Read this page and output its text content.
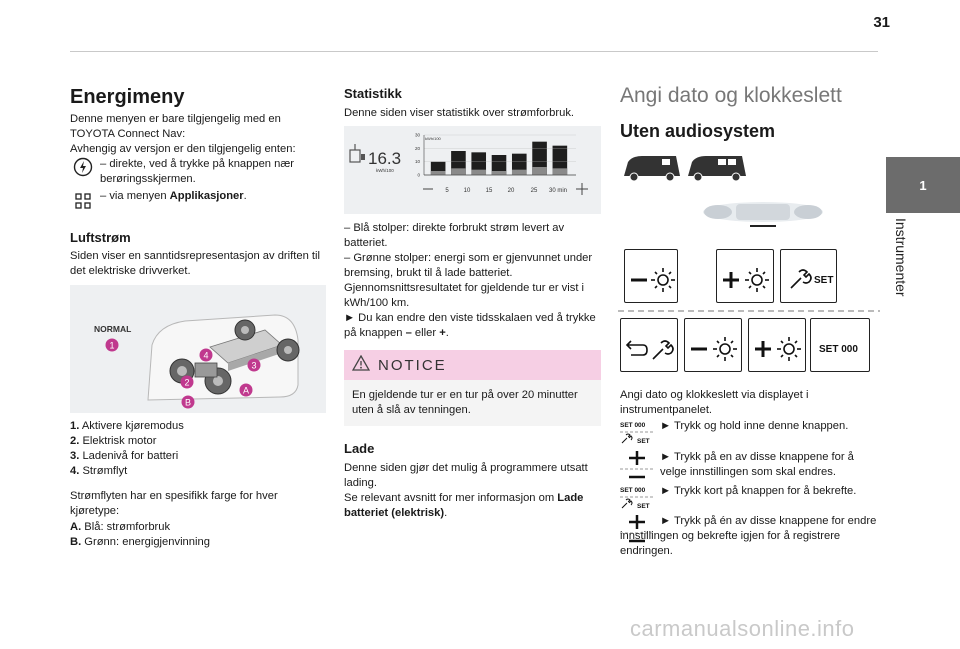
31
1
Instrumenter
Energimeny

Denne menyen er bare tilgjengelig med en

TOYOTA Connect Nav:

Avhengig av versjon er den tilgjengelig enten:

– direkte, ved å trykke på knappen nær berøringsskjermen.

– via menyen Applikasjoner.

Luftstrøm

Siden viser en sanntidsrepresentasjon av driften til det elektriske drivverket.

NORMAL
1
2
3
4
A
B

1. Aktivere kjøremodus

2. Elektrisk motor

3. Ladenivå for batteri

4. Strømflyt

Strømflyten har en spesifikk farge for hver kjøretype:

A. Blå: strømforbruk

B. Grønn: energigjenvinning

Statistikk

Denne siden viser statistikk over strømforbruk.

16.3
kWh/100
kWh/100
30
20
10
0
5 10	15	20	25 30 min

– Blå stolper: direkte forbrukt strøm levert av batteriet.

– Grønne stolper: energi som er gjenvunnet under bremsing, brukt til å lade batteriet.

Gjennomsnittsresultatet for gjeldende tur er vist i kWh/100 km.

► Du kan endre den viste tidsskalaen ved å trykke på knappen – eller +.

NOTICE
En gjeldende tur er en tur på over 20 minutter uten å slå av tenningen.
Lade

Denne siden gjør det mulig å programmere utsatt lading.

Se relevant avsnitt for mer informasjon om Lade batteriet (elektrisk).

Angi dato og klokkeslett
Uten audiosystem
SET
SET 000

Angi dato og klokkeslett via displayet i instrumentpanelet.

SET 000
SET

► Trykk og hold inne denne knappen.

► Trykk på en av disse knappene for å velge innstillingen som skal endres.

SET 000
SET

► Trykk kort på knappen for å bekrefte.

► Trykk på én av disse knappene for endre innstillingen og bekrefte igjen for å registrere endringen.

carmanualsonline.info
